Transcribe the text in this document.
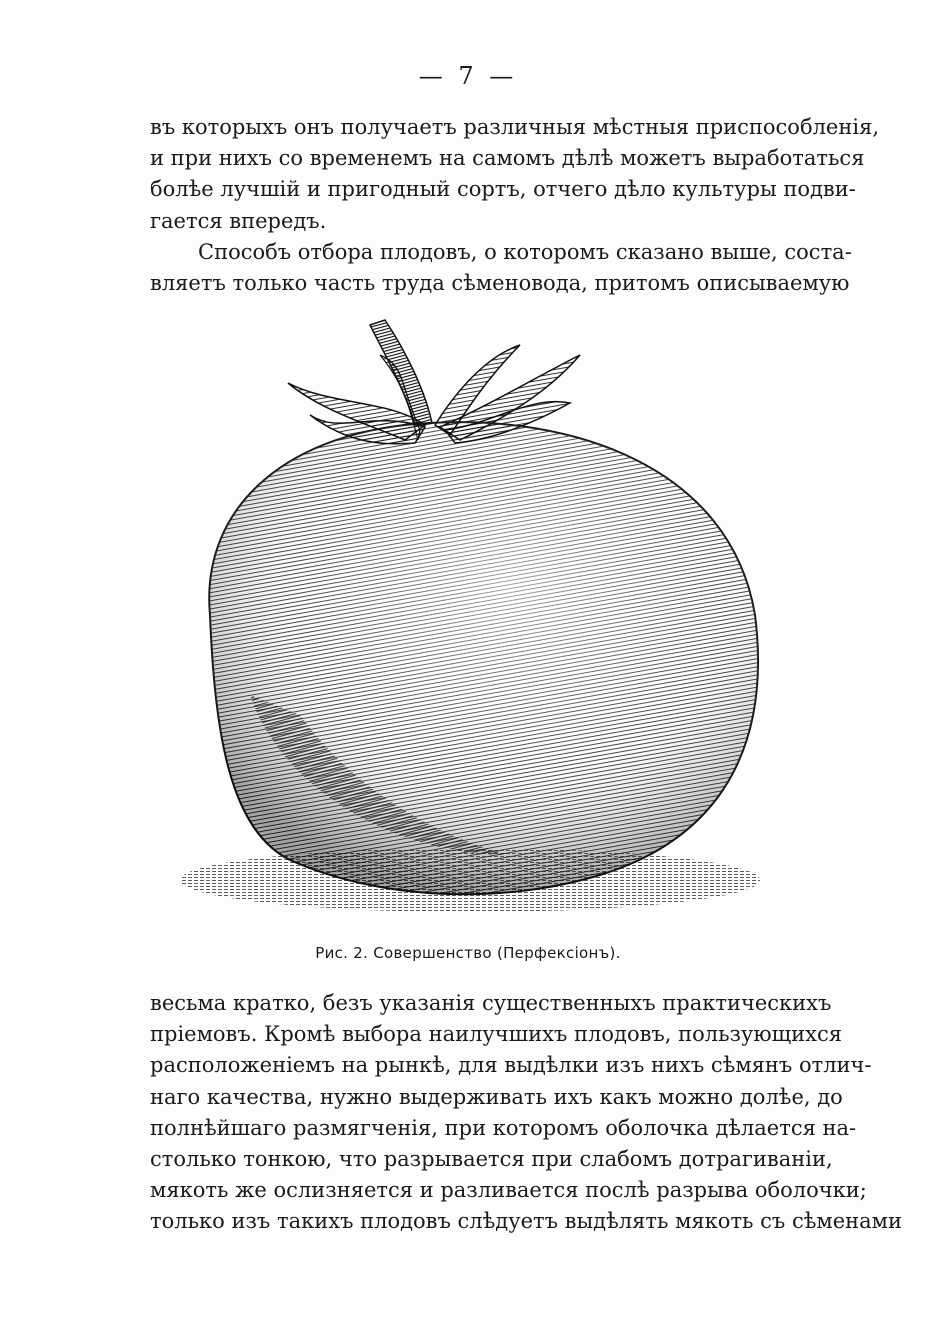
— 7 —
въ которыхъ онъ получаетъ различныя мѣстныя приспособленія,
и при нихъ со временемъ на самомъ дѣлѣ можетъ выработаться
болѣе лучшій и пригодный сортъ, отчего дѣло культуры подви-
гается впередъ.
Способъ отбора плодовъ, о которомъ сказано выше, соста-
вляетъ только часть труда сѣменовода, притомъ описываемую
Рис. 2. Совершенство (Перфексіонъ).
весьма кратко, безъ указанія существенныхъ практическихъ
пріемовъ. Кромѣ выбора наилучшихъ плодовъ, пользующихся
расположеніемъ на рынкѣ, для выдѣлки изъ нихъ сѣмянъ отлич-
наго качества, нужно выдерживать ихъ какъ можно долѣе, до
полнѣйшаго размягченія, при которомъ оболочка дѣлается на-
столько тонкою, что разрывается при слабомъ дотрагиваніи,
мякоть же ослизняется и разливается послѣ разрыва оболочки;
только изъ такихъ плодовъ слѣдуетъ выдѣлять мякоть съ сѣменами
